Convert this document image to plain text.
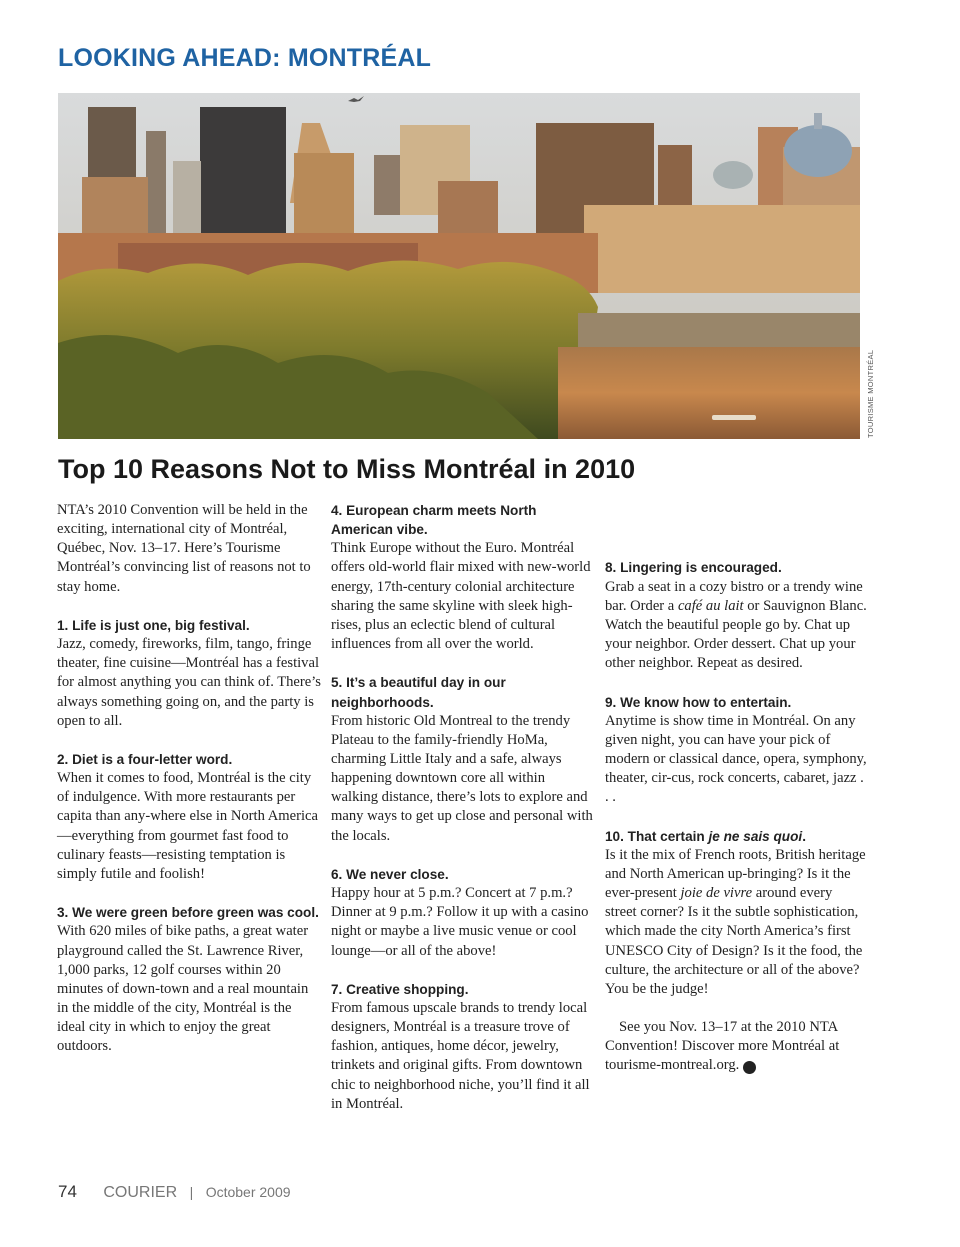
LOOKING AHEAD: MONTRÉAL
TOURISME MONTRÉAL
Top 10 Reasons Not to Miss Montréal in 2010

NTA’s 2010 Convention will be held in the exciting, international city of Montréal, Québec, Nov. 13–17. Here’s Tourisme Montréal’s convincing list of reasons not to stay home.

1. Life is just one, big festival.
Jazz, comedy, fireworks, film, tango, fringe theater, fine cuisine—Montréal has a festival for almost anything you can think of. There’s always something going on, and the party is open to all.

2. Diet is a four-letter word.
When it comes to food, Montréal is the city of indulgence. With more restaurants per capita than any-where else in North America—everything from gourmet fast food to culinary feasts—resisting temptation is simply futile and foolish!

3. We were green before green was cool.
With 620 miles of bike paths, a great water playground called the St. Lawrence River, 1,000 parks, 12 golf courses within 20 minutes of down-town and a real mountain in the middle of the city, Montréal is the ideal city in which to enjoy the great outdoors.

4. European charm meets North American vibe.
Think Europe without the Euro. Montréal offers old-world flair mixed with new-world energy, 17th-century colonial architecture sharing the same skyline with sleek high-rises, plus an eclectic blend of cultural influences from all over the world.

5. It’s a beautiful day in our neighborhoods.
From historic Old Montreal to the trendy Plateau to the family-friendly HoMa, charming Little Italy and a safe, always happening downtown core all within walking distance, there’s lots to explore and many ways to get up close and personal with the locals.

6. We never close.
Happy hour at 5 p.m.? Concert at 7 p.m.? Dinner at 9 p.m.? Follow it up with a casino night or maybe a live music venue or cool lounge—or all of the above!

7. Creative shopping.
From famous upscale brands to trendy local designers, Montréal is a treasure trove of fashion, antiques, home décor, jewelry, trinkets and original gifts. From downtown chic to neighborhood niche, you’ll find it all in Montréal.

8. Lingering is encouraged.
Grab a seat in a cozy bistro or a trendy wine bar. Order a café au lait or Sauvignon Blanc. Watch the beautiful people go by. Chat up your neighbor. Order dessert. Chat up your other neighbor. Repeat as desired.

9. We know how to entertain.
Anytime is show time in Montréal. On any given night, you can have your pick of modern or classical dance, opera, symphony, theater, cir-cus, rock concerts, cabaret, jazz . . .

10. That certain je ne sais quoi.
Is it the mix of French roots, British heritage and North American up-bringing? Is it the ever-present joie de vivre around every street corner? Is it the subtle sophistication, which made the city North America’s first UNESCO City of Design? Is it the food, the culture, the architecture or all of the above? You be the judge!

See you Nov. 13–17 at the 2010 NTA Convention! Discover more Montréal at tourisme-montreal.org. C

74 COURIER | October 2009
